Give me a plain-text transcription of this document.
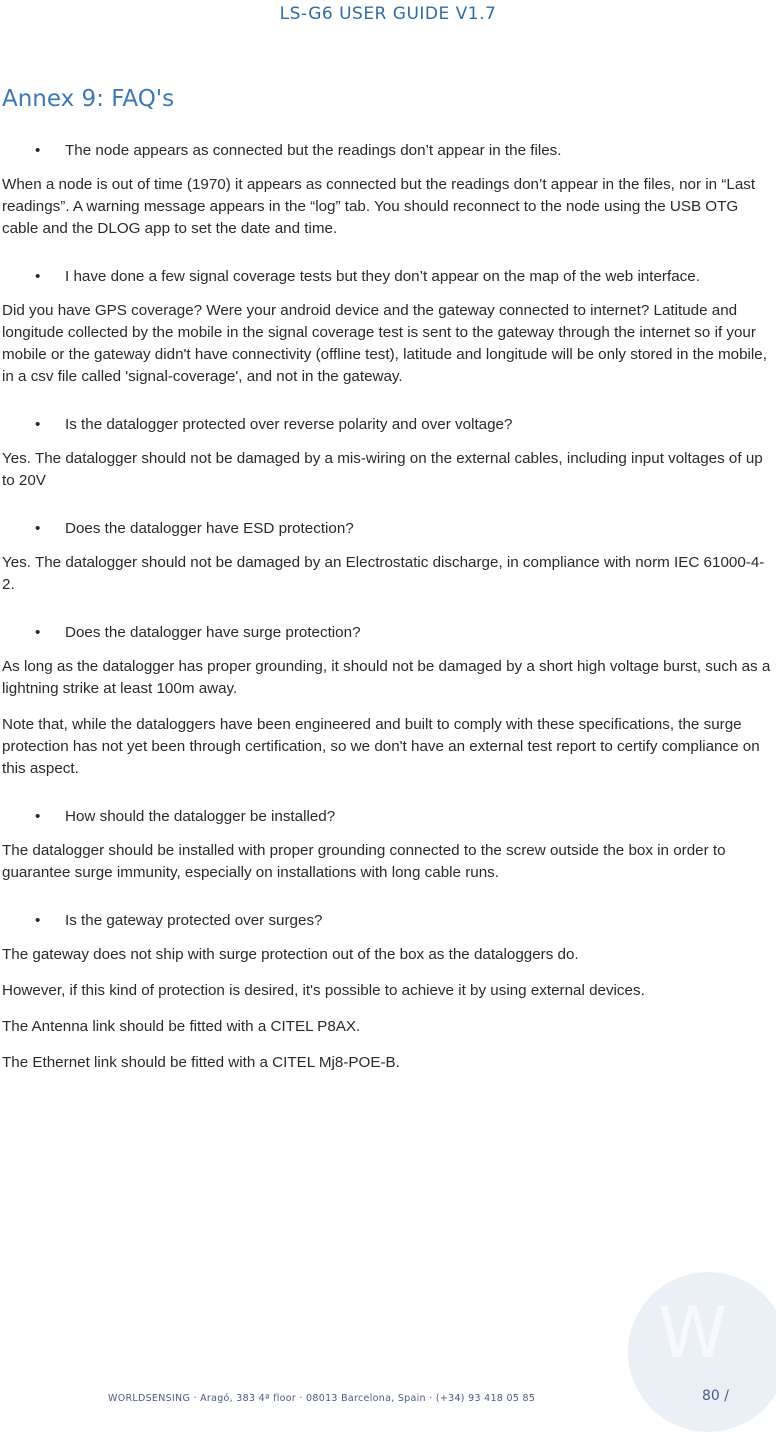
LS-G6 USER GUIDE V1.7
Annex 9: FAQ's
• The node appears as connected but the readings don’t appear in the files.

When a node is out of time (1970) it appears as connected but the readings don’t appear in the files, nor in “Last readings”. A warning message appears in the “log” tab. You should reconnect to the node using the USB OTG cable and the DLOG app to set the date and time.

• I have done a few signal coverage tests but they don’t appear on the map of the web interface.

Did you have GPS coverage? Were your android device and the gateway connected to internet? Latitude and longitude collected by the mobile in the signal coverage test is sent to the gateway through the internet so if your mobile or the gateway didn't have connectivity (offline test), latitude and longitude will be only stored in the mobile, in a csv file called 'signal-coverage', and not in the gateway.

• Is the datalogger protected over reverse polarity and over voltage?

Yes. The datalogger should not be damaged by a mis-wiring on the external cables, including input voltages of up to 20V

• Does the datalogger have ESD protection?

Yes. The datalogger should not be damaged by an Electrostatic discharge, in compliance with norm IEC 61000-4-2.

• Does the datalogger have surge protection?

As long as the datalogger has proper grounding, it should not be damaged by a short high voltage burst, such as a lightning strike at least 100m away.

Note that, while the dataloggers have been engineered and built to comply with these specifications, the surge protection has not yet been through certification, so we don't have an external test report to certify compliance on this aspect.

• How should the datalogger be installed?

The datalogger should be installed with proper grounding connected to the screw outside the box in order to guarantee surge immunity, especially on installations with long cable runs.

• Is the gateway protected over surges?

The gateway does not ship with surge protection out of the box as the dataloggers do.

However, if this kind of protection is desired, it's possible to achieve it by using external devices.

The Antenna link should be fitted with a CITEL P8AX.

The Ethernet link should be fitted with a CITEL Mj8-POE-B.

W
WORLDSENSING · Aragó, 383 4ª floor · 08013 Barcelona, Spain · (+34) 93 418 05 85	80 /
